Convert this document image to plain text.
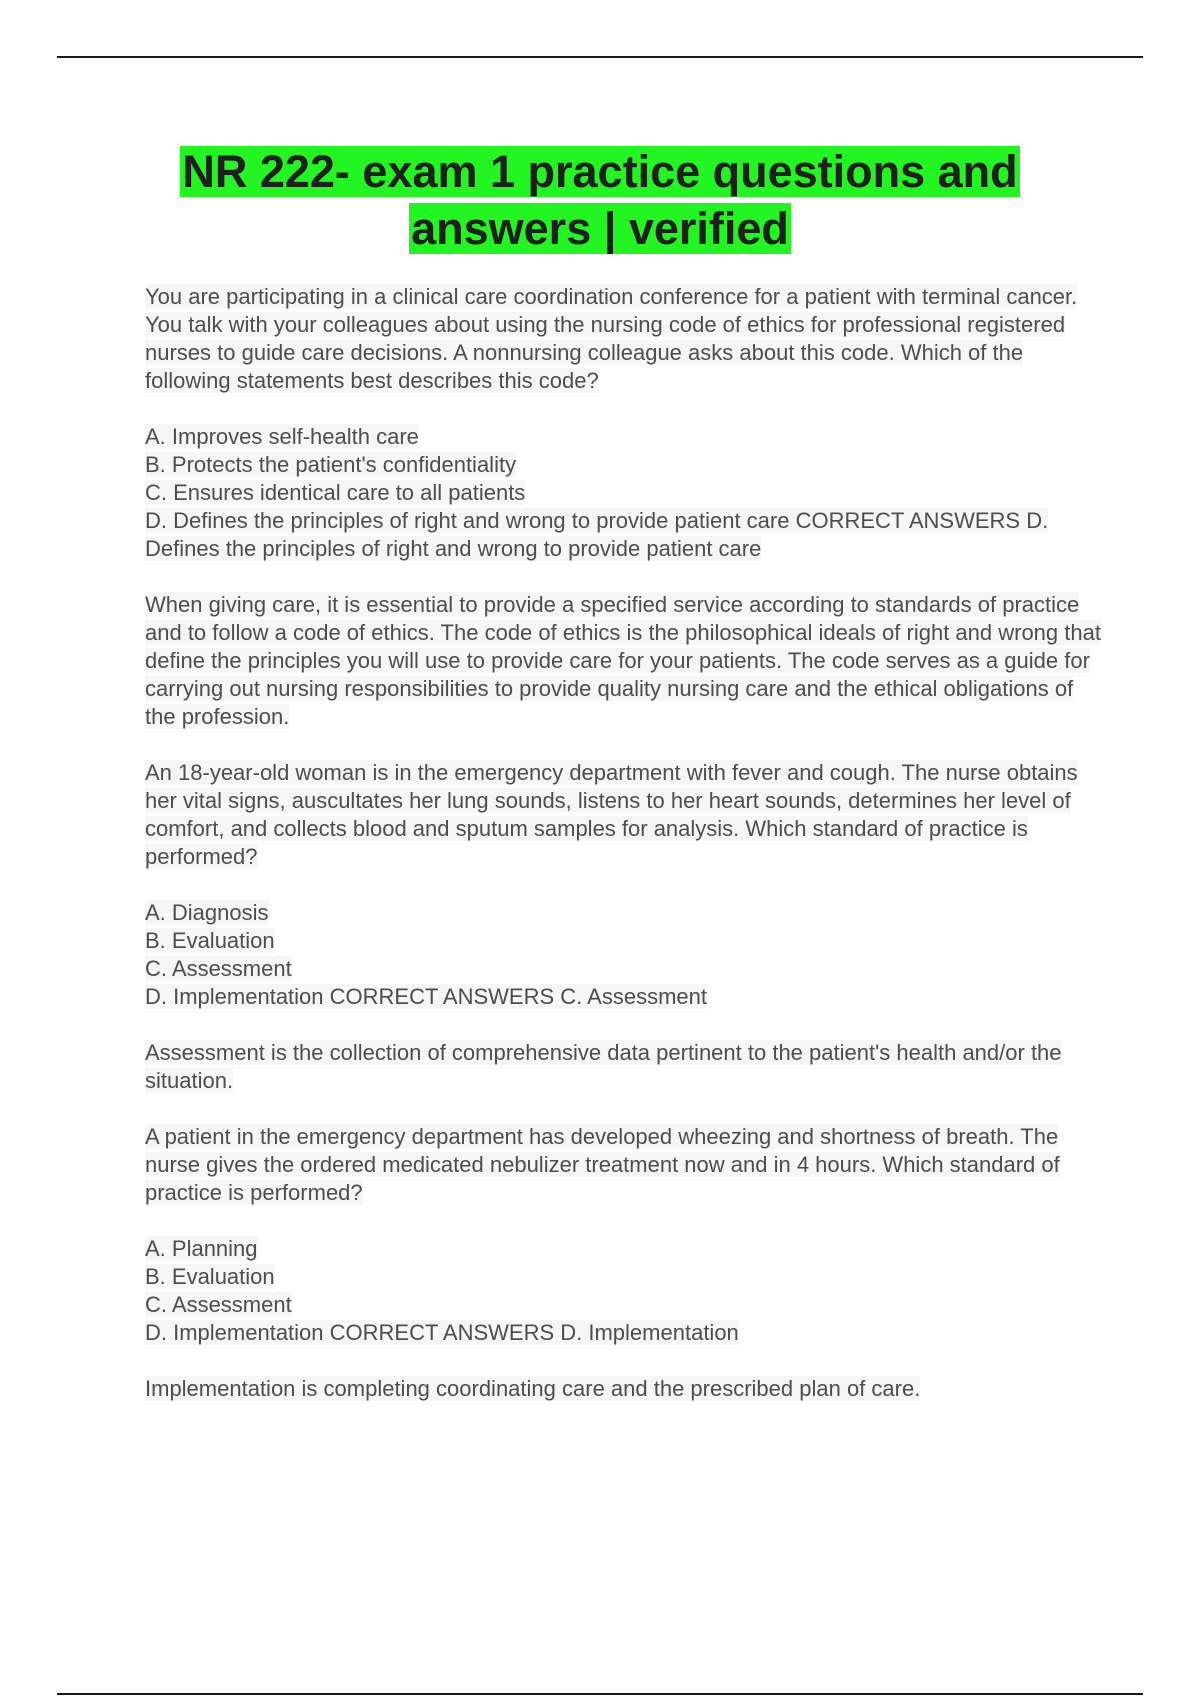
NR 222- exam 1 practice questions and
answers | verified

You are participating in a clinical care coordination conference for a patient with terminal cancer. You talk with your colleagues about using the nursing code of ethics for professional registered nurses to guide care decisions. A nonnursing colleague asks about this code. Which of the following statements best describes this code?

A. Improves self-health care
B. Protects the patient's confidentiality
C. Ensures identical care to all patients
D. Defines the principles of right and wrong to provide patient care CORRECT ANSWERS D. Defines the principles of right and wrong to provide patient care

When giving care, it is essential to provide a specified service according to standards of practice and to follow a code of ethics. The code of ethics is the philosophical ideals of right and wrong that define the principles you will use to provide care for your patients. The code serves as a guide for carrying out nursing responsibilities to provide quality nursing care and the ethical obligations of the profession.

An 18-year-old woman is in the emergency department with fever and cough. The nurse obtains her vital signs, auscultates her lung sounds, listens to her heart sounds, determines her level of comfort, and collects blood and sputum samples for analysis. Which standard of practice is performed?

A. Diagnosis
B. Evaluation
C. Assessment
D. Implementation CORRECT ANSWERS C. Assessment

Assessment is the collection of comprehensive data pertinent to the patient's health and/or the situation.

A patient in the emergency department has developed wheezing and shortness of breath. The nurse gives the ordered medicated nebulizer treatment now and in 4 hours. Which standard of practice is performed?

A. Planning
B. Evaluation
C. Assessment
D. Implementation CORRECT ANSWERS D. Implementation

Implementation is completing coordinating care and the prescribed plan of care.
